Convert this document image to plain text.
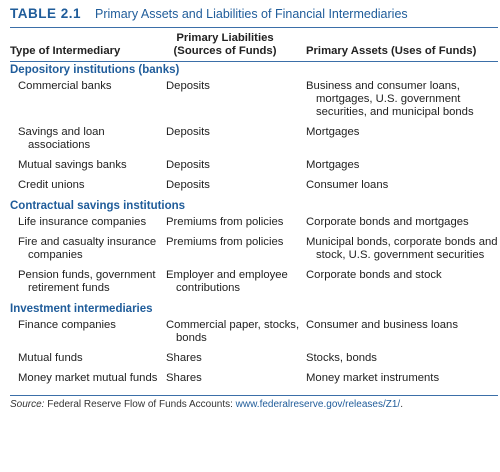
TABLE 2.1 Primary Assets and Liabilities of Financial Intermediaries
Type of Intermediary	Primary Liabilities (Sources of Funds)	Primary Assets (Uses of Funds)
Depository institutions (banks)		

Commercial banks	Deposits	Business and consumer loans, mortgages, U.S. government securities, and municipal bonds

Savings and loan associations	Deposits	Mortgages

Mutual savings banks	Deposits	Mortgages

Credit unions	Deposits	Consumer loans

Contractual savings institutions		

Life insurance companies	Premiums from policies	Corporate bonds and mortgages

Fire and casualty insurance companies	Premiums from policies	Municipal bonds, corporate bonds and stock, U.S. government securities

Pension funds, government retirement funds	Employer and employee contributions	Corporate bonds and stock

Investment intermediaries		

Finance companies	Commercial paper, stocks, bonds	Consumer and business loans

Mutual funds	Shares	Stocks, bonds

Money market mutual funds	Shares	Money market instruments
Source: Federal Reserve Flow of Funds Accounts: www.federalreserve.gov/releases/Z1/.
